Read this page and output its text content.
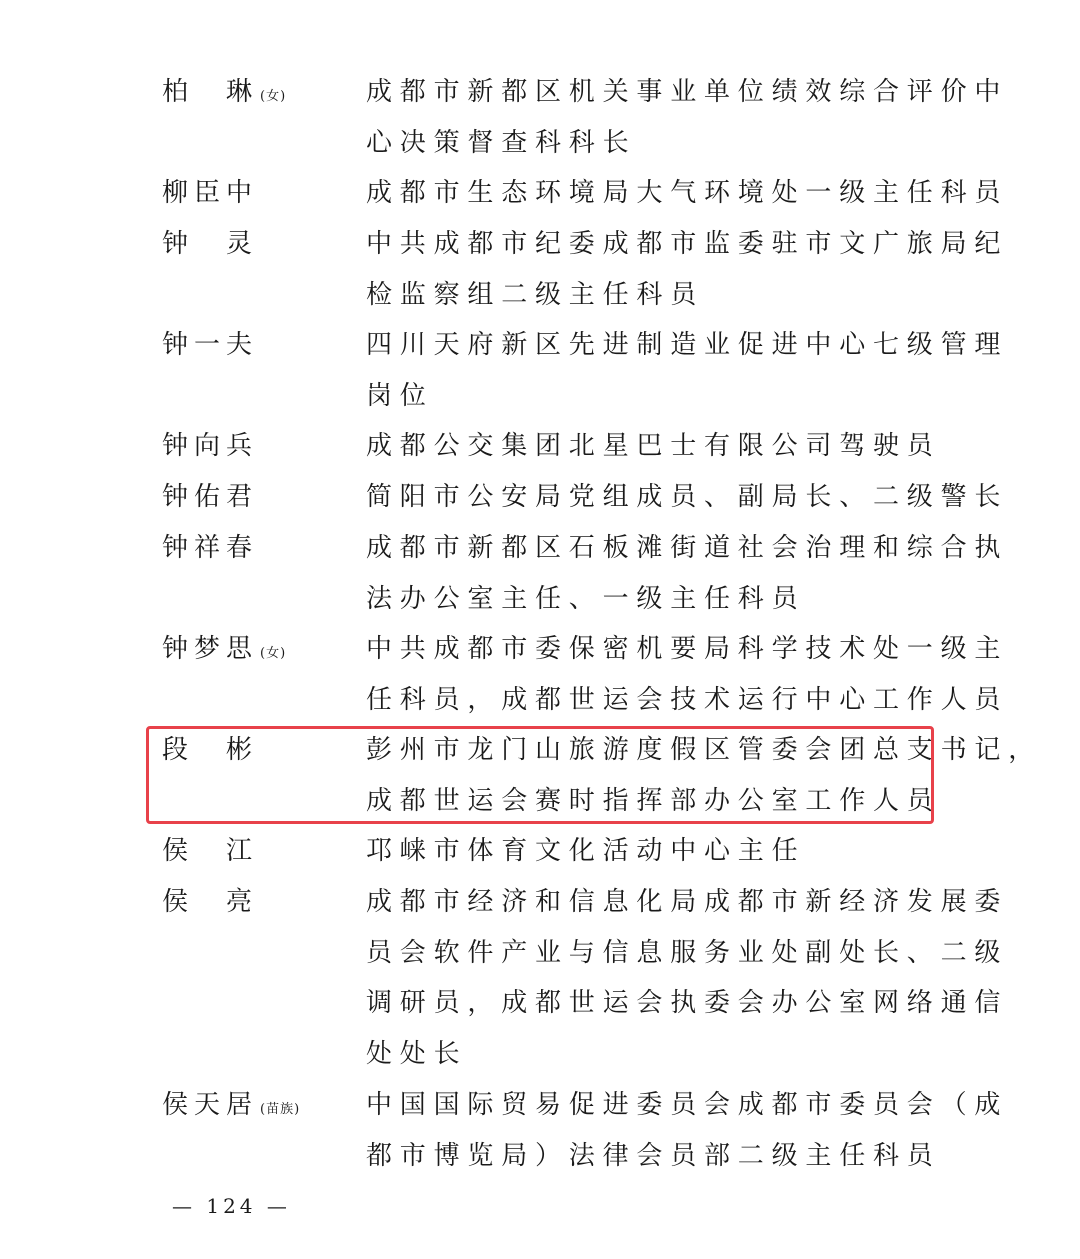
柏　琳 (女)	成都市新都区机关事业单位绩效综合评价中
心决策督查科科长
柳臣中	成都市生态环境局大气环境处一级主任科员
钟　灵	中共成都市纪委成都市监委驻市文广旅局纪
检监察组二级主任科员
钟一夫	四川天府新区先进制造业促进中心七级管理
岗位
钟向兵	成都公交集团北星巴士有限公司驾驶员
钟佑君	简阳市公安局党组成员、副局长、二级警长
钟祥春	成都市新都区石板滩街道社会治理和综合执
法办公室主任、一级主任科员
钟梦思 (女)	中共成都市委保密机要局科学技术处一级主
任科员，成都世运会技术运行中心工作人员
段　彬	彭州市龙门山旅游度假区管委会团总支书记，
成都世运会赛时指挥部办公室工作人员
侯　江	邛崃市体育文化活动中心主任
侯　亮	成都市经济和信息化局成都市新经济发展委
员会软件产业与信息服务业处副处长、二级
调研员，成都世运会执委会办公室网络通信
处处长
侯天居 (苗族)	中国国际贸易促进委员会成都市委员会（成
都市博览局）法律会员部二级主任科员
— 124 —
